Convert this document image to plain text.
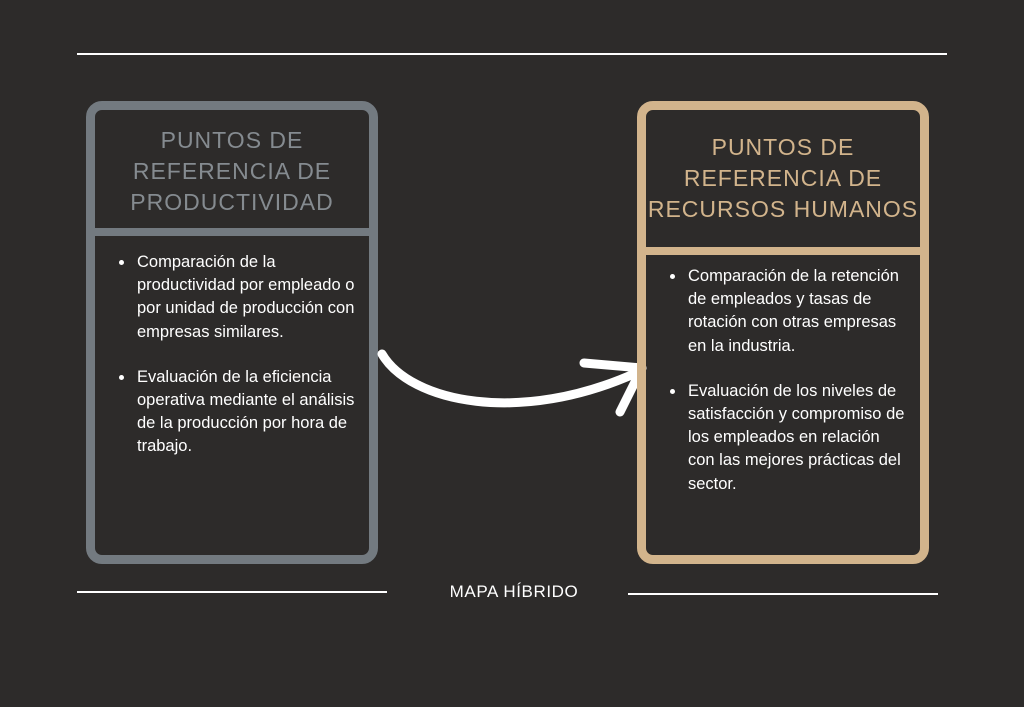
PUNTOS DE REFERENCIA DE PRODUCTIVIDAD
• Comparación de la productividad por empleado o por unidad de producción con empresas similares.
• Evaluación de la eficiencia operativa mediante el análisis de la producción por hora de trabajo.
PUNTOS DE REFERENCIA DE RECURSOS HUMANOS
• Comparación de la retención de empleados y tasas de rotación con otras empresas en la industria.
• Evaluación de los niveles de satisfacción y compromiso de los empleados en relación con las mejores prácticas del sector.
MAPA HÍBRIDO
